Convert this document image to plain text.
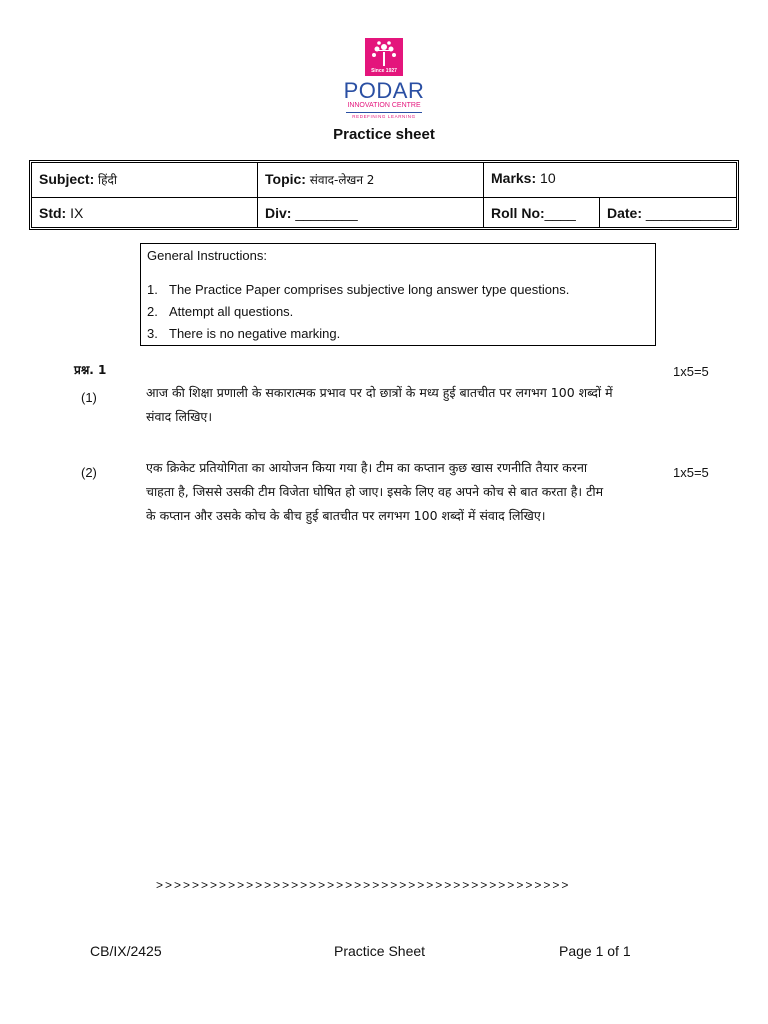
Since 1927
PODAR
INNOVATION CENTRE
REDEFINING LEARNING
Practice sheet
Subject: हिंदी	Topic: संवाद-लेखन 2	Marks: 10
Std: IX	Div: ________	Roll No:____	Date: ___________
General Instructions:
1. The Practice Paper comprises subjective long answer type questions.
2. Attempt all questions.
3. There is no negative marking.
प्रश्न. 1	1x5=5
(1)	आज की शिक्षा प्रणाली के सकारात्मक प्रभाव पर दो छात्रों के मध्य हुई बातचीत पर लगभग 100 शब्दों में
संवाद लिखिए।
(2)	1x5=5
एक क्रिकेट प्रतियोगिता का आयोजन किया गया है। टीम का कप्तान कुछ खास रणनीति तैयार करना
चाहता है, जिससे उसकी टीम विजेता घोषित हो जाए। इसके लिए वह अपने कोच से बात करता है। टीम
के कप्तान और उसके कोच के बीच हुई बातचीत पर लगभग 100 शब्दों में संवाद लिखिए।
>>>>>>>>>>>>>>>>>>>>>>>>>>>>>>>>>>>>>>>>>>>>>>
CB/IX/2425	Practice Sheet	Page 1 of 1
